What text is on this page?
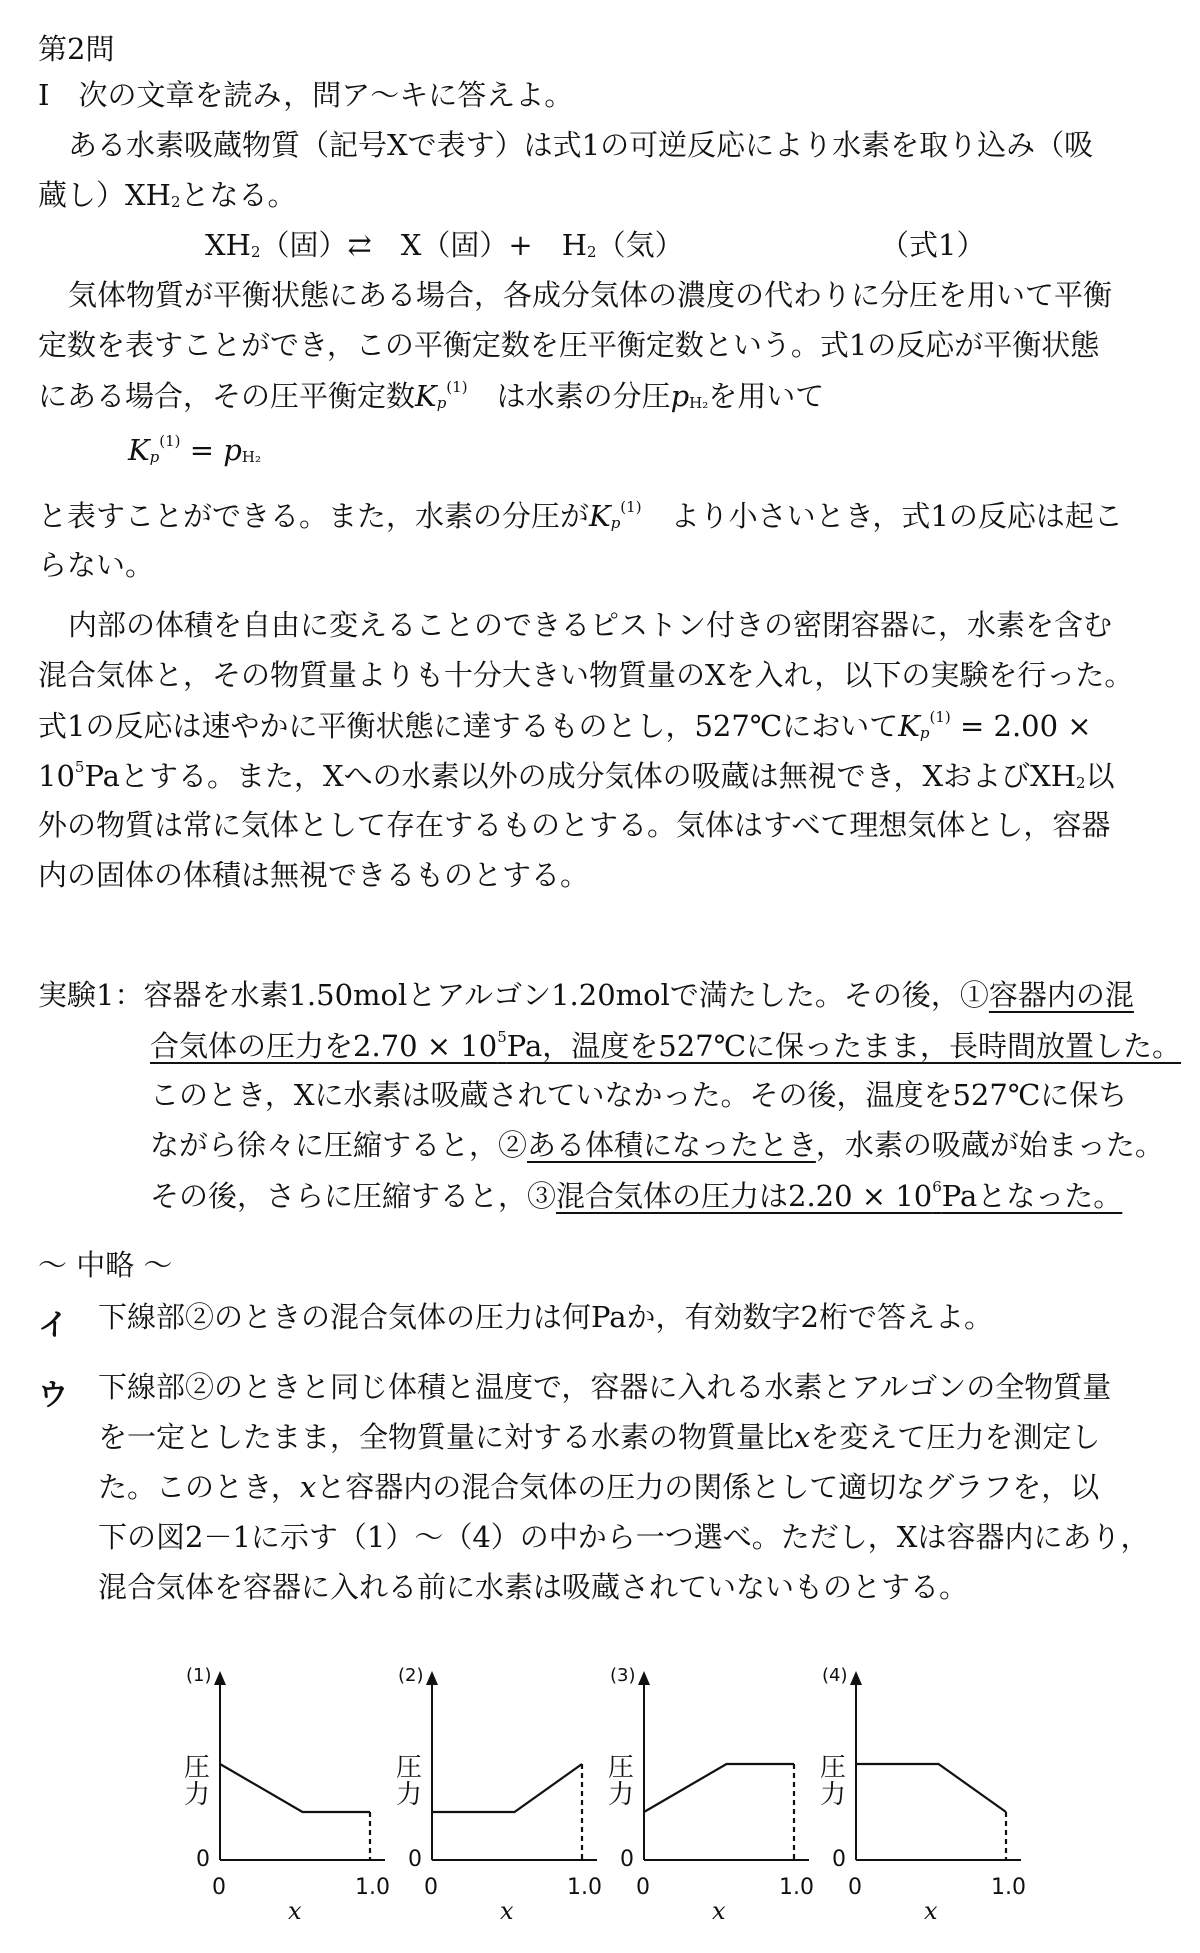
第2問
Ⅰ　次の文章を読み，問ア～キに答えよ。
ある水素吸蔵物質（記号Xで表す）は式1の可逆反応により水素を取り込み（吸
蔵し）XH2となる。
XH2（固）⇄　X（固）+　H2（気）	（式1）
気体物質が平衡状態にある場合，各成分気体の濃度の代わりに分圧を用いて平衡
定数を表すことができ，この平衡定数を圧平衡定数という。式1の反応が平衡状態
にある場合，その圧平衡定数Kp$^{(1)}$　 は水素の分圧pH₂を用いて
$Kp^{(1)} = pH_2$
と表すことができる。また，水素の分圧がKp$^{(1)}$　 より小さいとき，式1の反応は起こ
らない。
内部の体積を自由に変えることのできるピストン付きの密閉容器に，水素を含む
混合気体と，その物質量よりも十分大きい物質量のXを入れ，以下の実験を行った。
式1の反応は速やかに平衡状態に達するものとし，527℃において$Kp^{(1)} = 2.00$ ×
$10^5Pa$とする。また，Xへの水素以外の成分気体の吸蔵は無視でき，XおよびXH2以
外の物質は常に気体として存在するものとする。気体はすべて理想気体とし，容器
内の固体の体積は無視できるものとする。
実験1：容器を水素1.50molとアルゴン1.20molで満たした。その後，①容器内の混
合気体の圧力を$2.70 \times 10^5Pa$，温度を527℃に保ったまま，長時間放置した。
このとき，Xに水素は吸蔵されていなかった。その後，温度を527℃に保ち
ながら徐々に圧縮すると，②ある体積になったとき，水素の吸蔵が始まった。
その後，さらに圧縮すると，③混合気体の圧力は$2.20 \times 10^6Pa$となった。
～ 中略 ～
イ 下線部②のときの混合気体の圧力は何Paか，有効数字2桁で答えよ。
ウ 下線部②のときと同じ体積と温度で，容器に入れる水素とアルゴンの全物質量
を一定としたまま，全物質量に対する水素の物質量比xを変えて圧力を測定し
た。このとき，xと容器内の混合気体の圧力の関係として適切なグラフを，以
下の図2－1に示す（1）～（4）の中から一つ選べ。ただし，Xは容器内にあり，
混合気体を容器に入れる前に水素は吸蔵されていないものとする。
(1)
圧
力
0
0	1.0
x
(2)
圧
力
0
0	1.0
x
(3)
圧
力
0
0	1.0
x
(4)
圧
力
0
0	1.0
x
